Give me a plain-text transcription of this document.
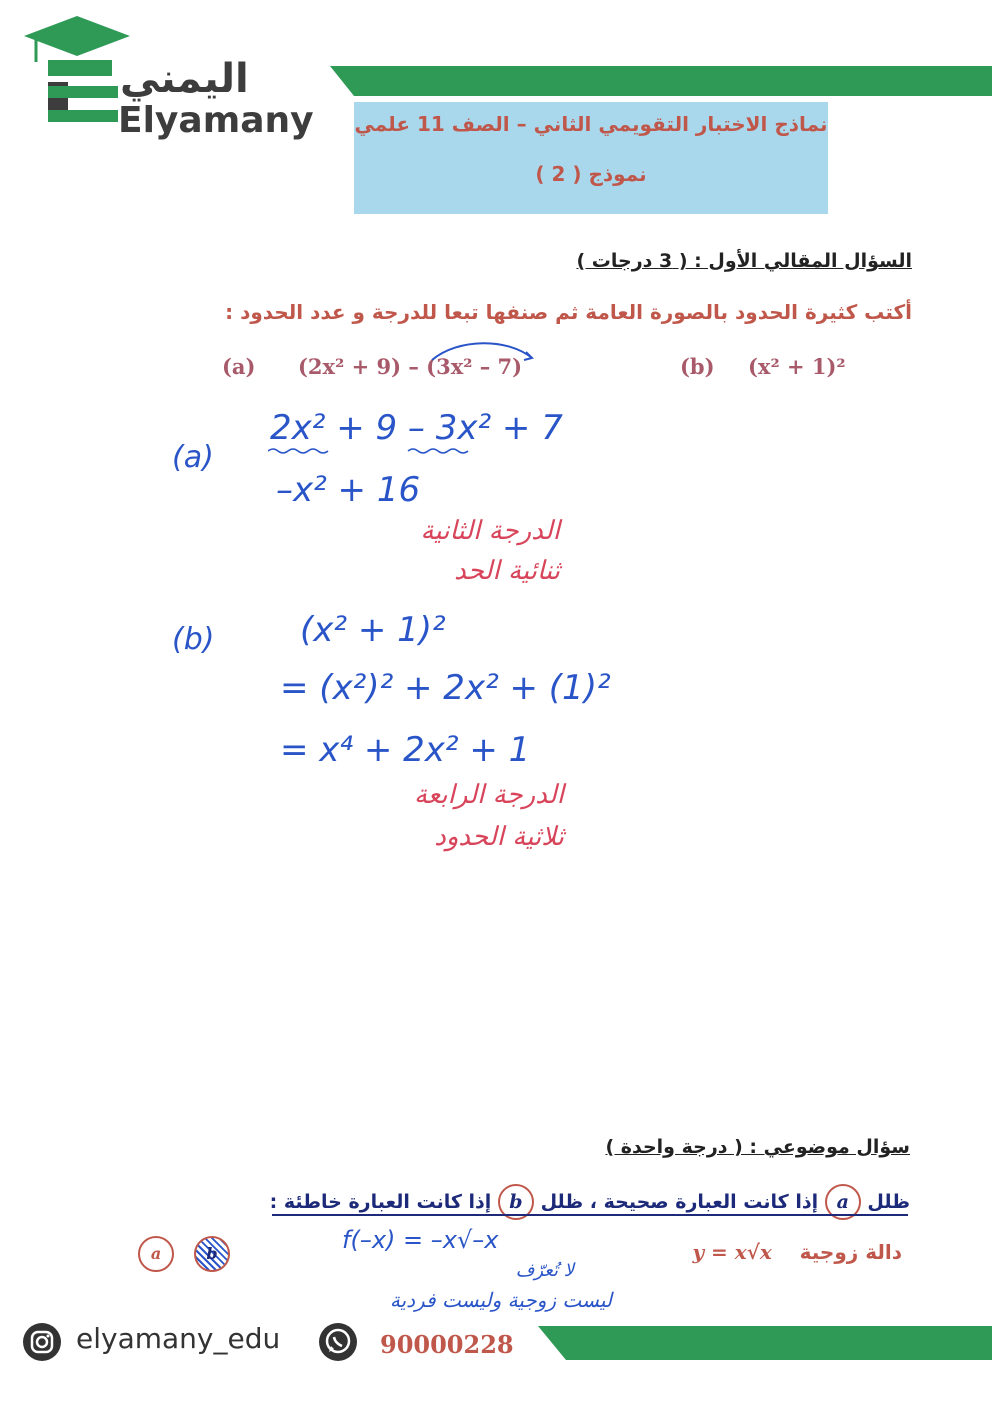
اليمني
Elyamany نماذج الاختبار التقويمي الثاني – الصف 11 علمي
نموذج ( 2 )
السؤال المقالي الأول : ( 3 درجات )
أكتب كثيرة الحدود بالصورة العامة ثم صنفها تبعا للدرجة و عدد الحدود :
(a) (2x² + 9) – (3x² – 7)	(b) (x² + 1)²
(a)
2x² + 9 – 3x² + 7
–x² + 16
الدرجة الثانية
ثنائية الحد
(b)	(x² + 1)²
= (x²)² + 2x² + (1)²
= x⁴ + 2x² + 1
الدرجة الرابعة
ثلاثية الحدود
سؤال موضوعي : ( درجة واحدة )
ظلل a إذا كانت العبارة صحيحة ، ظلل b إذا كانت العبارة خاطئة :
a	b	دالة زوجية    y = x√x
f(–x) = –x√–x
لا تُعرّف
ليست زوجية وليست فردية
elyamany_edu	90000228
